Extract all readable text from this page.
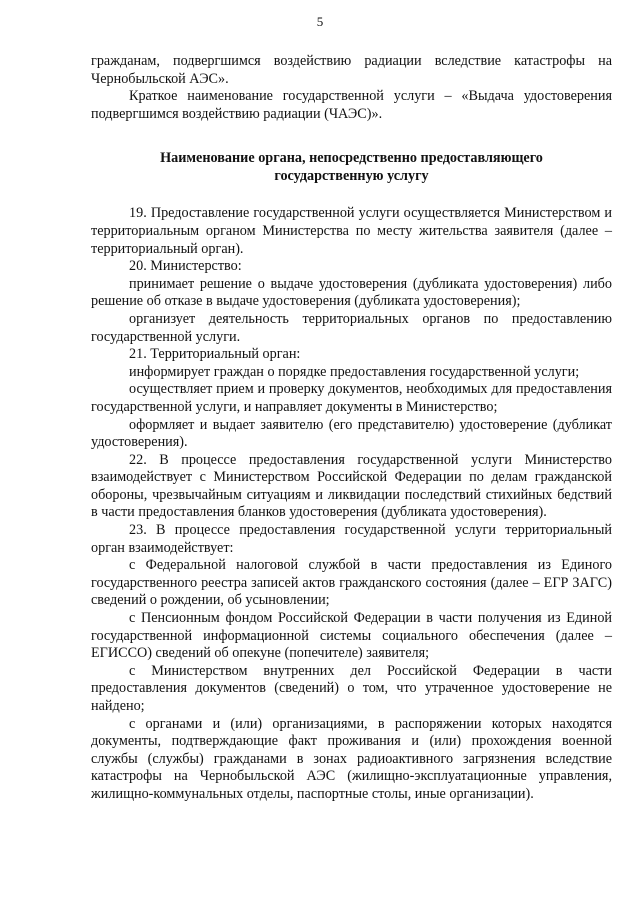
5

гражданам, подвергшимся воздействию радиации вследствие катастрофы на Чернобыльской АЭС».

Краткое наименование государственной услуги – «Выдача удостоверения подвергшимся воздействию радиации (ЧАЭС)».

Наименование органа, непосредственно предоставляющего государственную услугу

19. Предоставление государственной услуги осуществляется Министерством и территориальным органом Министерства по месту жительства заявителя (далее – территориальный орган).

20. Министерство:

принимает решение о выдаче удостоверения (дубликата удостоверения) либо решение об отказе в выдаче удостоверения (дубликата удостоверения);

организует деятельность территориальных органов по предоставлению государственной услуги.

21. Территориальный орган:

информирует граждан о порядке предоставления государственной услуги;

осуществляет прием и проверку документов, необходимых для предоставления государственной услуги, и направляет документы в Министерство;

оформляет и выдает заявителю (его представителю) удостоверение (дубликат удостоверения).

22. В процессе предоставления государственной услуги Министерство взаимодействует с Министерством Российской Федерации по делам гражданской обороны, чрезвычайным ситуациям и ликвидации последствий стихийных бедствий в части предоставления бланков удостоверения (дубликата удостоверения).

23. В процессе предоставления государственной услуги территориальный орган взаимодействует:

с Федеральной налоговой службой в части предоставления из Единого государственного реестра записей актов гражданского состояния (далее – ЕГР ЗАГС) сведений о рождении, об усыновлении;

с Пенсионным фондом Российской Федерации в части получения из Единой государственной информационной системы социального обеспечения (далее – ЕГИССО) сведений об опекуне (попечителе) заявителя;

с Министерством внутренних дел Российской Федерации в части предоставления документов (сведений) о том, что утраченное удостоверение не найдено;

с органами и (или) организациями, в распоряжении которых находятся документы, подтверждающие факт проживания и (или) прохождения военной службы (службы) гражданами в зонах радиоактивного загрязнения вследствие катастрофы на Чернобыльской АЭС (жилищно-эксплуатационные управления, жилищно-коммунальных отделы, паспортные столы, иные организации).
